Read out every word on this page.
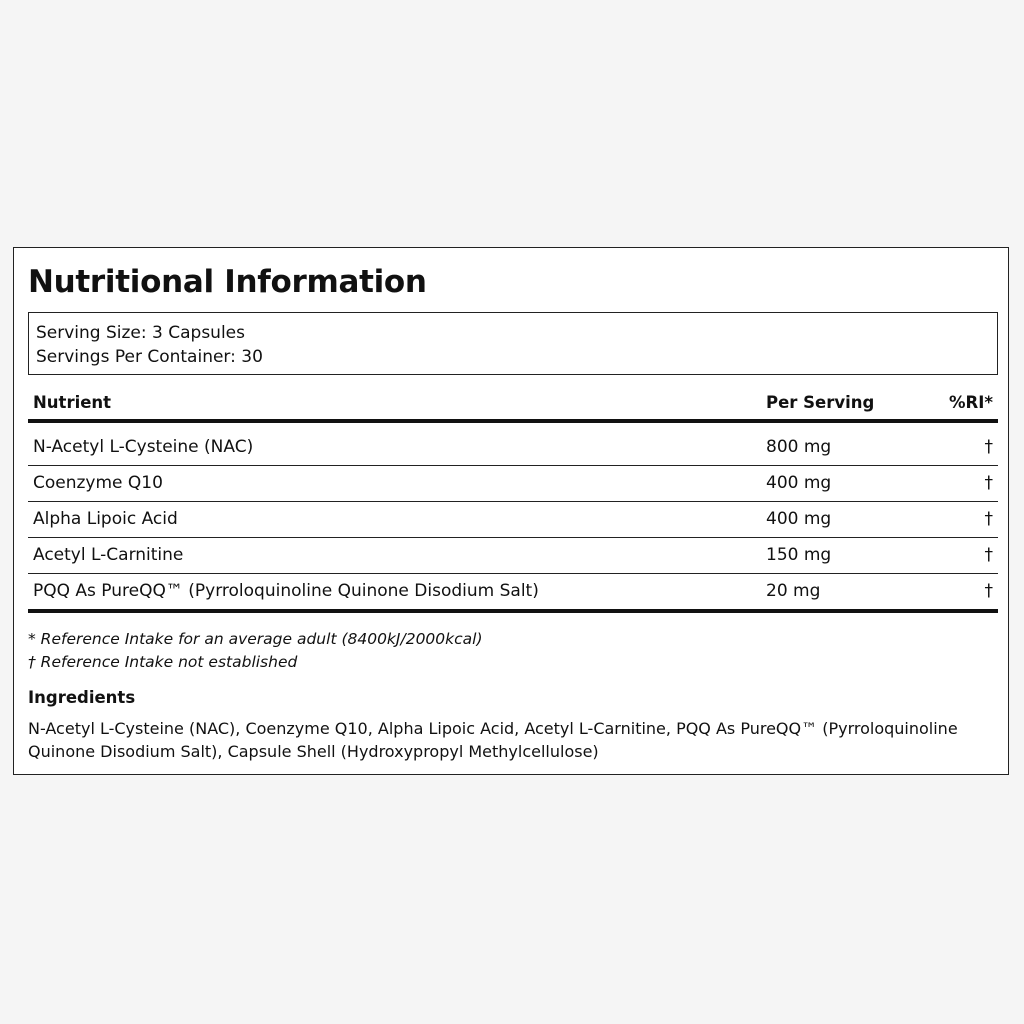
Nutritional Information
Serving Size: 3 Capsules
Servings Per Container: 30
Nutrient	Per Serving	%RI*
N-Acetyl L-Cysteine (NAC)	800 mg	†
Coenzyme Q10	400 mg	†
Alpha Lipoic Acid	400 mg	†
Acetyl L-Carnitine	150 mg	†
PQQ As PureQQ™ (Pyrroloquinoline Quinone Disodium Salt)	20 mg	†
* Reference Intake for an average adult (8400kJ/2000kcal)
† Reference Intake not established
Ingredients

N-Acetyl L-Cysteine (NAC), Coenzyme Q10, Alpha Lipoic Acid, Acetyl L-Carnitine, PQQ As PureQQ™ (Pyrroloquinoline Quinone Disodium Salt), Capsule Shell (Hydroxypropyl Methylcellulose)
